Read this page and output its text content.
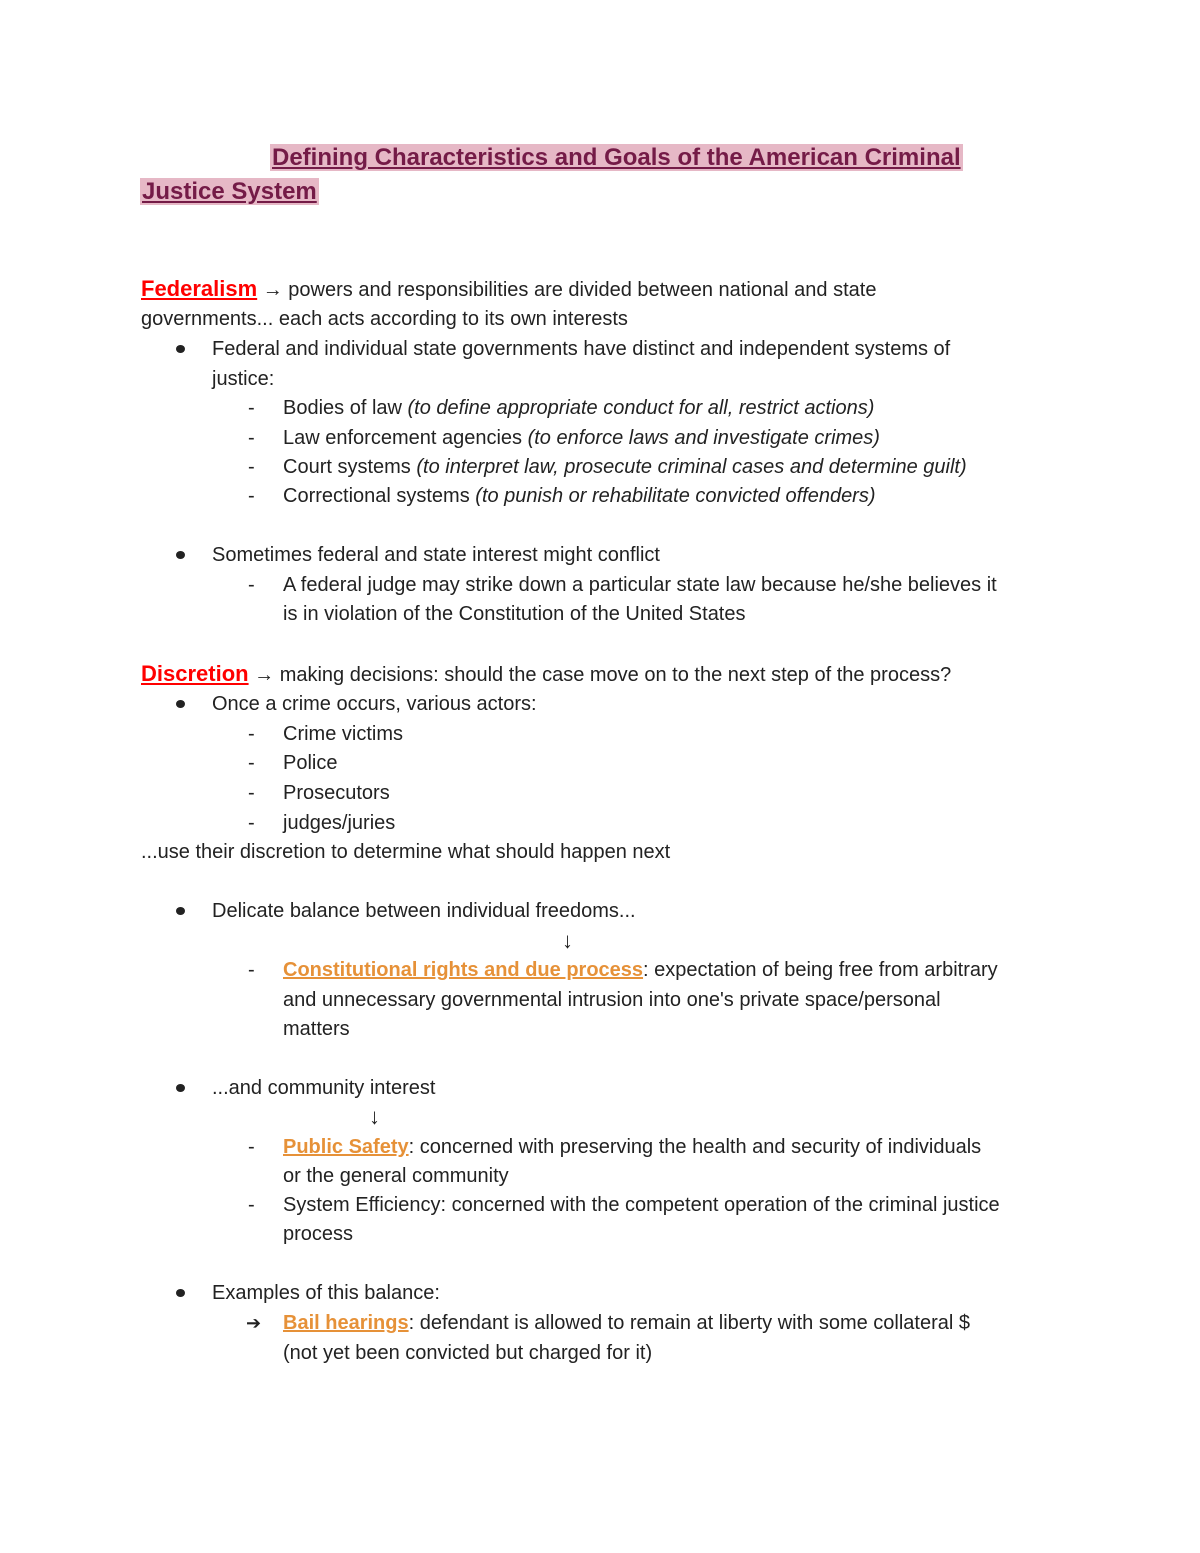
Defining Characteristics and Goals of the American Criminal
Justice System
Federalism → powers and responsibilities are divided between national and state
governments... each acts according to its own interests
Federal and individual state governments have distinct and independent systems of
justice:
- Bodies of law (to define appropriate conduct for all, restrict actions)
- Law enforcement agencies (to enforce laws and investigate crimes)
- Court systems (to interpret law, prosecute criminal cases and determine guilt)
- Correctional systems (to punish or rehabilitate convicted offenders)
Sometimes federal and state interest might conflict
- A federal judge may strike down a particular state law because he/she believes it
is in violation of the Constitution of the United States
Discretion → making decisions: should the case move on to the next step of the process?
Once a crime occurs, various actors:
- Crime victims
- Police
- Prosecutors
- judges/juries
...use their discretion to determine what should happen next
Delicate balance between individual freedoms...
↓
- Constitutional rights and due process: expectation of being free from arbitrary
and unnecessary governmental intrusion into one's private space/personal
matters
...and community interest
↓
- Public Safety: concerned with preserving the health and security of individuals
or the general community
- System Efficiency: concerned with the competent operation of the criminal justice
process
Examples of this balance:
➔ Bail hearings: defendant is allowed to remain at liberty with some collateral $
(not yet been convicted but charged for it)
